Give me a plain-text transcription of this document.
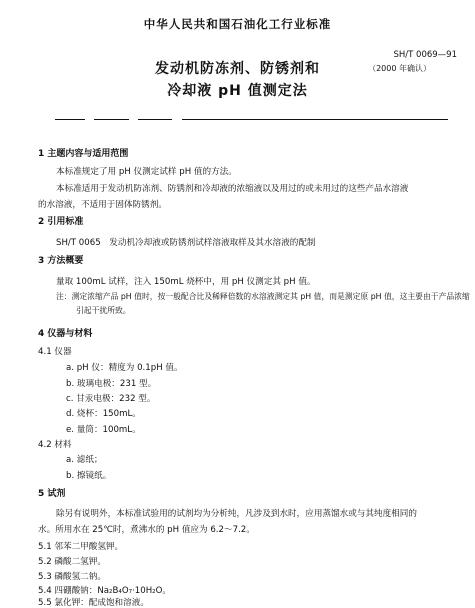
中华人民共和国石油化工行业标准
SH/T 0069—91
（2000 年确认）
发动机防冻剂、防锈剂和
冷却液 pH 值测定法
1 主题内容与适用范围
本标准规定了用 pH 仪测定试样 pH 值的方法。
本标准适用于发动机防冻剂、防锈剂和冷却液的浓缩液以及用过的或未用过的这些产品水溶液
的水溶液，不适用于固体防锈剂。
2 引用标准
SH/T 0065　发动机冷却液或防锈剂试样溶液取样及其水溶液的配制
3 方法概要
量取 100mL 试样，注入 150mL 烧杯中，用 pH 仪测定其 pH 值。
注：测定浓缩产品 pH 值时，按一般配合比及稀释倍数的水溶液测定其 pH 值，而是测定原 pH 值，这主要由于产品浓缩
引起干扰所致。
4 仪器与材料
4.1 仪器
a. pH 仪：精度为 0.1pH 值。
b. 玻璃电极：231 型。
c. 甘汞电极：232 型。
d. 烧杯：150mL。
e. 量筒：100mL。
4.2 材料
a. 滤纸；
b. 擦镜纸。
5 试剂
除另有说明外，本标准试验用的试剂均为分析纯，凡涉及到水时，应用蒸馏水或与其纯度相同的
水。所用水在 25℃时，煮沸水的 pH 值应为 6.2～7.2。
5.1 邻苯二甲酸氢钾。
5.2 磷酸二氢钾。
5.3 磷酸氢二钠。
5.4 四硼酸钠：Na₂B₄O₇·10H₂O。
5.5 氯化钾：配成饱和溶液。
